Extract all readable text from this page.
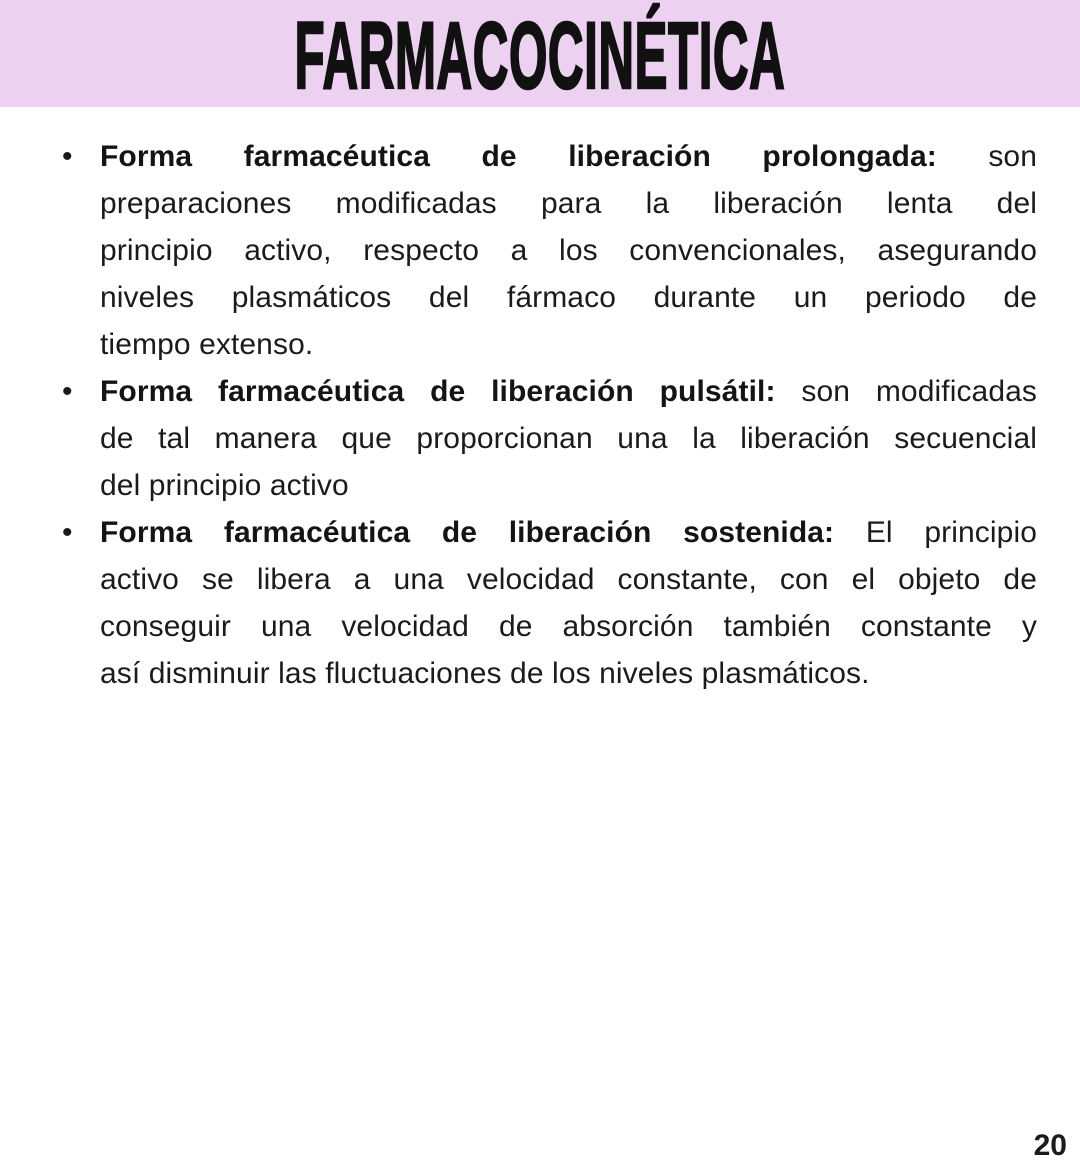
FARMACOCINÉTICA
• Forma farmacéutica de liberación prolongada: son
preparaciones modificadas para la liberación lenta del
principio activo, respecto a los convencionales, asegurando
niveles plasmáticos del fármaco durante un periodo de
tiempo extenso.
• Forma farmacéutica de liberación pulsátil: son modificadas
de tal manera que proporcionan una la liberación secuencial
del principio activo
• Forma farmacéutica de liberación sostenida: El principio
activo se libera a una velocidad constante, con el objeto de
conseguir una velocidad de absorción también constante y
así disminuir las fluctuaciones de los niveles plasmáticos.
20
